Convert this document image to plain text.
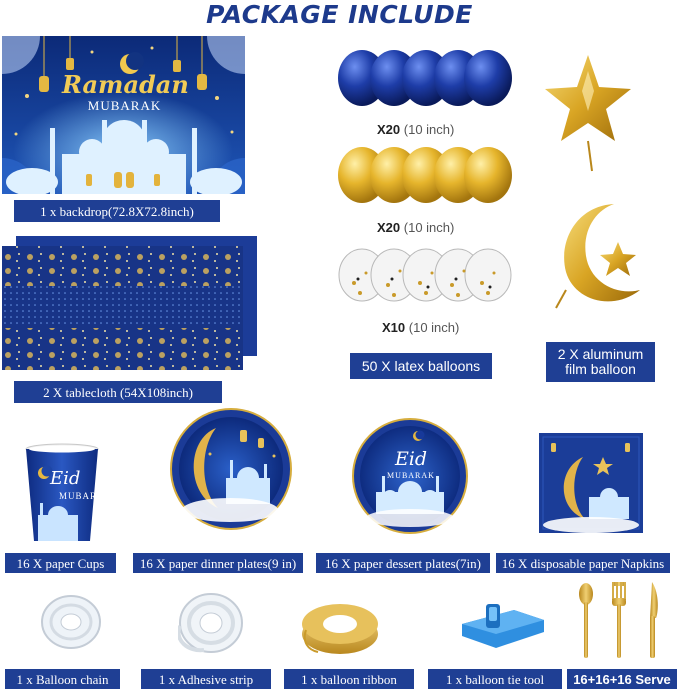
PACKAGE INCLUDE
Ramadan
MUBARAK
1 x backdrop(72.8X72.8inch)
2 X tablecloth (54X108inch)
X20 (10 inch)
X20 (10 inch)
X10 (10 inch)
50 X latex balloons
2 X aluminum
film balloon
Eid
MUBAR
16 X paper Cups	16 X paper dinner plates(9 in)
Eid
MUBARAK
16 X paper dessert plates(7in)	16 X disposable paper Napkins
1 x Balloon chain	1 x Adhesive strip	1 x balloon ribbon	1 x balloon tie tool	16+16+16 Serve
